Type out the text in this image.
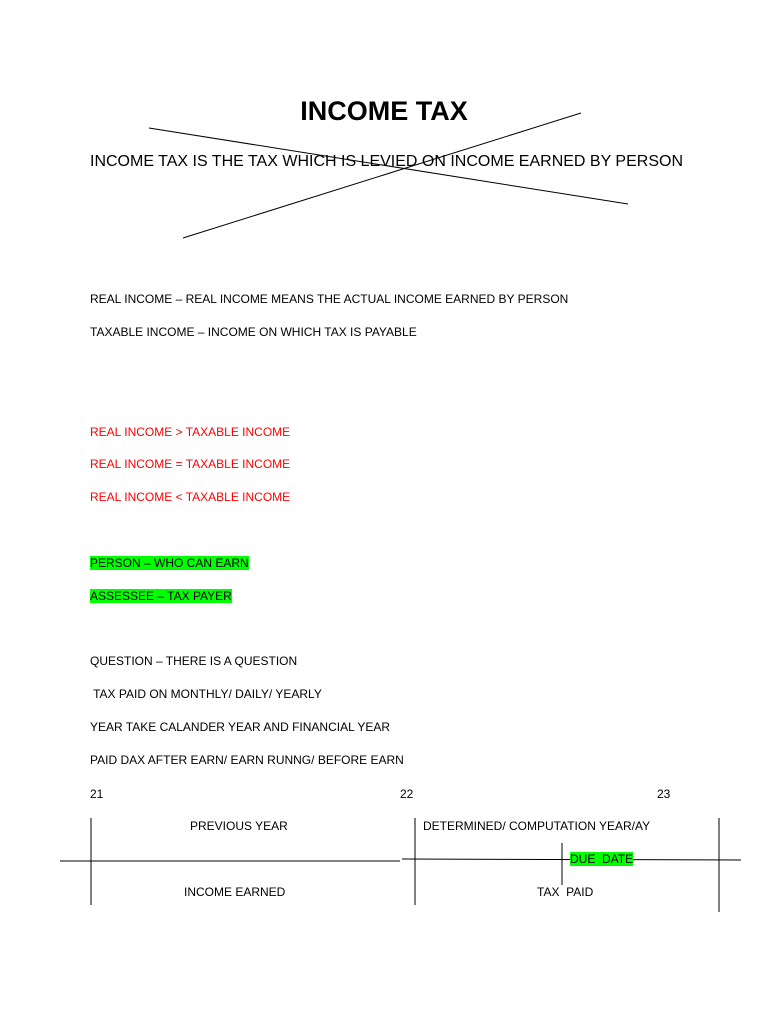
INCOME TAX
INCOME TAX IS THE TAX WHICH IS LEVIED ON INCOME EARNED BY PERSON
REAL INCOME – REAL INCOME MEANS THE ACTUAL INCOME EARNED BY PERSON
TAXABLE INCOME – INCOME ON WHICH TAX IS PAYABLE
REAL INCOME > TAXABLE INCOME
REAL INCOME = TAXABLE INCOME
REAL INCOME < TAXABLE INCOME
PERSON – WHO CAN EARN
ASSESSEE – TAX PAYER
QUESTION – THERE IS A QUESTION
TAX PAID ON MONTHLY/ DAILY/ YEARLY
YEAR TAKE CALANDER YEAR AND FINANCIAL YEAR
PAID DAX AFTER EARN/ EARN RUNNG/ BEFORE EARN
21	22	23
PREVIOUS YEAR	DETERMINED/ COMPUTATION YEAR/AY
DUE  DATE
INCOME EARNED	TAX  PAID
